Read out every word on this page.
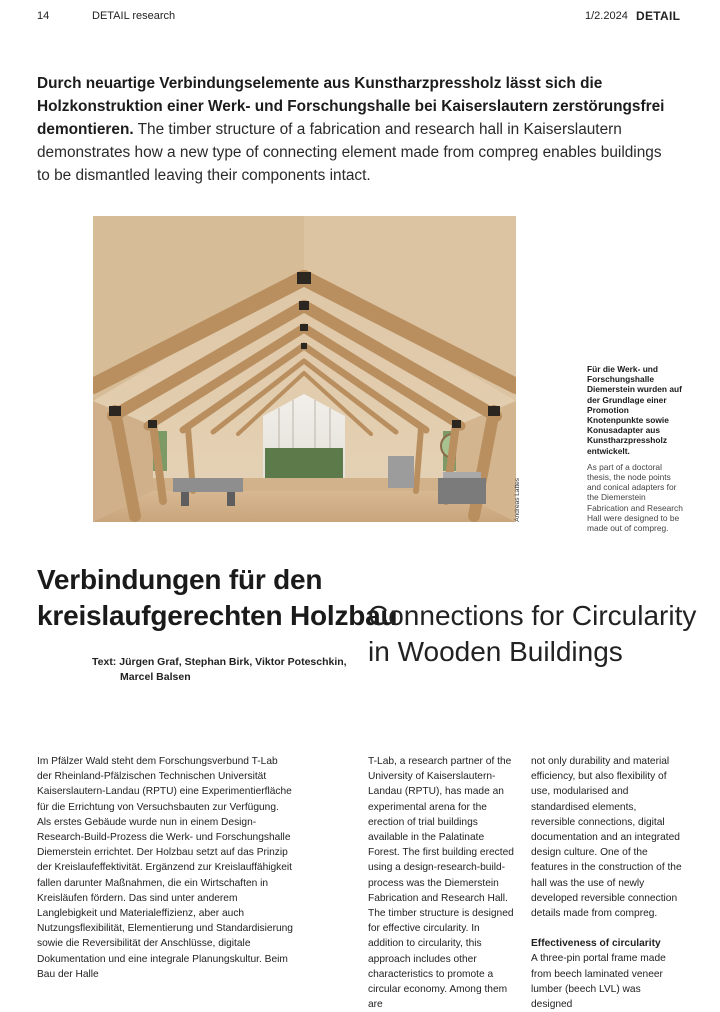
14	DETAIL research	1/2.2024 DETAIL

Durch neuartige Verbindungselemente aus Kunstharzpressholz lässt sich die Holzkonstruktion einer Werk- und Forschungshalle bei Kaiserslautern zerstörungsfrei demontieren. The timber structure of a fabrication and research hall in Kaiserslautern demonstrates how a new type of connecting element made from compreg enables buildings to be dismantled leaving their components intact.

Andreas Lattes

Für die Werk- und Forschungshalle Diemerstein wurden auf der Grundlage einer Promotion Knotenpunkte sowie Konusadapter aus Kunstharzpressholz entwickelt.

As part of a doctoral thesis, the node points and conical adapters for the Diemerstein Fabrication and Research Hall were designed to be made out of compreg.

Verbindungen für den kreislaufgerechten Holzbau
Connections for Circularity in Wooden Buildings

Text: Jürgen Graf, Stephan Birk, Viktor Poteschkin,
Marcel Balsen

Im Pfälzer Wald steht dem Forschungsverbund T-Lab der Rheinland-Pfälzischen Technischen Universität Kaiserslautern-Landau (RPTU) eine Experimentierfläche für die Errichtung von Versuchsbauten zur Verfügung. Als erstes Gebäude wurde nun in einem Design-Research-Build-Prozess die Werk- und Forschungshalle Diemerstein errichtet. Der Holzbau setzt auf das Prinzip der Kreislaufeffektivität. Ergänzend zur Kreislauffähigkeit fallen darunter Maßnahmen, die ein Wirtschaften in Kreisläufen fördern. Das sind unter anderem Langlebigkeit und Materialeffizienz, aber auch Nutzungsflexibilität, Elementierung und Standardisierung sowie die Reversibilität der Anschlüsse, digitale Dokumentation und eine integrale Planungskultur. Beim Bau der Halle

T-Lab, a research partner of the University of Kaiserslautern-Landau (RPTU), has made an experimental arena for the erection of trial buildings available in the Palatinate Forest. The first building erected using a design-research-build-process was the Diemerstein Fabrication and Research Hall. The timber structure is designed for effective circularity. In addition to circularity, this approach includes other characteristics to promote a circular economy. Among them are

not only durability and material efficiency, but also flexibility of use, modularised and standardised elements, reversible connections, digital documentation and an integrated design culture. One of the features in the construction of the hall was the use of newly developed reversible connection details made from compreg.
Effectiveness of circularity
A three-pin portal frame made from beech laminated veneer lumber (beech LVL) was designed
